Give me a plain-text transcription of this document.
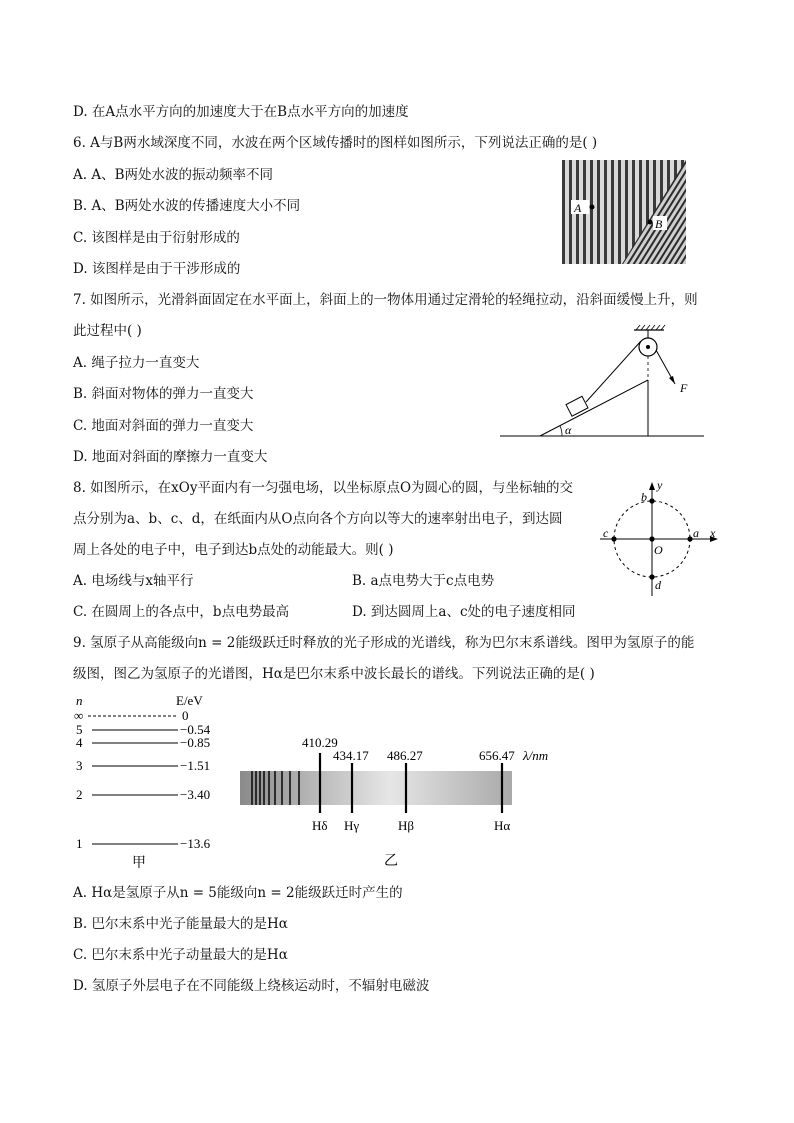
D. 在A点水平方向的加速度大于在B点水平方向的加速度
6. A与B两水域深度不同，水波在两个区域传播时的图样如图所示，下列说法正确的是( )
A. A、B两处水波的振动频率不同
B. A、B两处水波的传播速度大小不同
C. 该图样是由于衍射形成的
D. 该图样是由于干涉形成的
A
B
7. 如图所示，光滑斜面固定在水平面上，斜面上的一物体用通过定滑轮的轻绳拉动，沿斜面缓慢上升，则
此过程中( )
A. 绳子拉力一直变大
B. 斜面对物体的弹力一直变大
C. 地面对斜面的弹力一直变大
D. 地面对斜面的摩擦力一直变大
F
α
8. 如图所示，在xOy平面内有一匀强电场，以坐标原点O为圆心的圆，与坐标轴的交
点分别为a、b、c、d，在纸面内从O点向各个方向以等大的速率射出电子，到达圆
周上各处的电子中，电子到达b点处的动能最大。则( )
A. 电场线与x轴平行	B. a点电势大于c点电势
C. 在圆周上的各点中，b点电势最高	D. 到达圆周上a、c处的电子速度相同
y
x
b
a
c
d
O
9. 氢原子从高能级向n = 2能级跃迁时释放的光子形成的光谱线，称为巴尔末系谱线。图甲为氢原子的能
级图，图乙为氢原子的光谱图，Hα是巴尔末系中波长最长的谱线。下列说法正确的是( )
n	E/eV
∞	0
5	−0.54
4	−0.85
3	−1.51
2	−3.40
1	−13.6
甲
410.29
Hδ
434.17
Hγ
486.27
Hβ
656.47 λ/nm
Hα
乙
A. Hα是氢原子从n = 5能级向n = 2能级跃迁时产生的
B. 巴尔末系中光子能量最大的是Hα
C. 巴尔末系中光子动量最大的是Hα
D. 氢原子外层电子在不同能级上绕核运动时，不辐射电磁波
